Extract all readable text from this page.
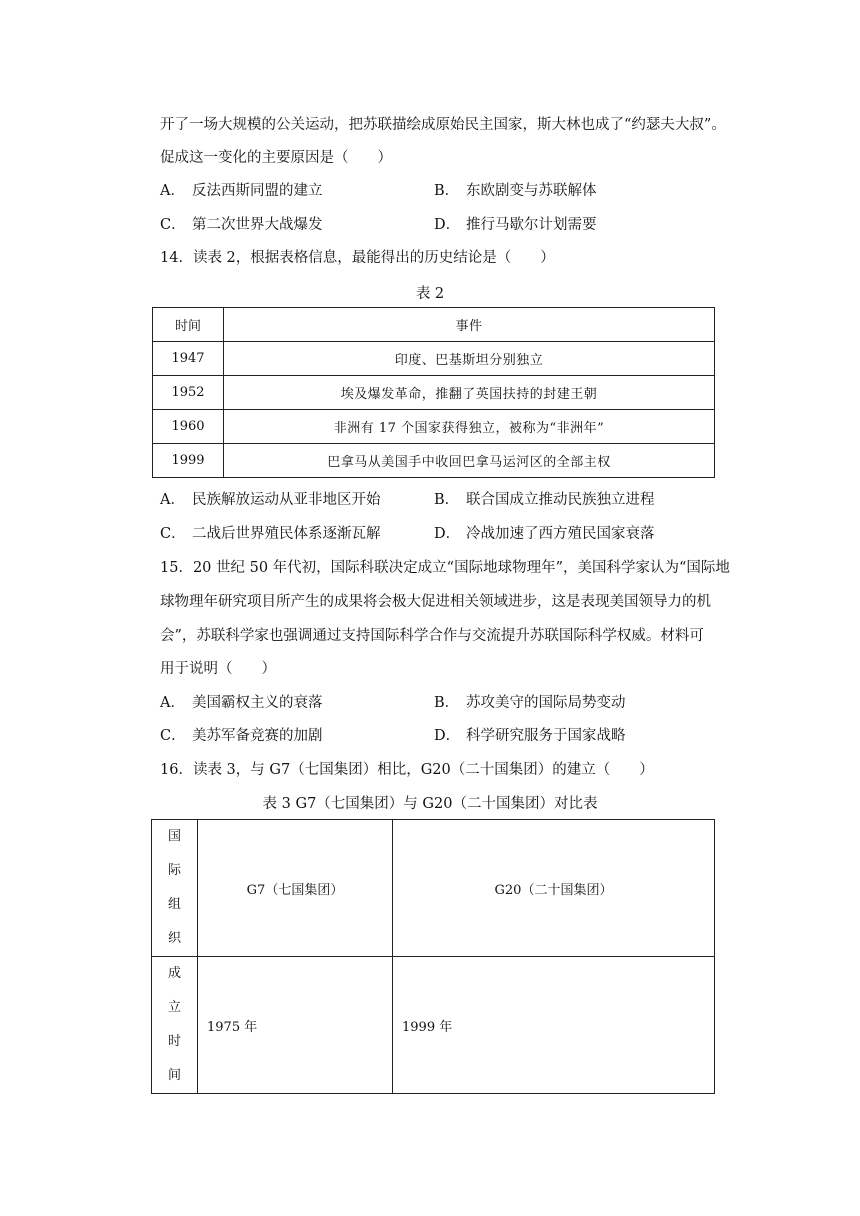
开了一场大规模的公关运动，把苏联描绘成原始民主国家，斯大林也成了“约瑟夫大叔”。
促成这一变化的主要原因是（　　）
A． 反法西斯同盟的建立	B． 东欧剧变与苏联解体
C． 第二次世界大战爆发	D． 推行马歇尔计划需要
14．读表 2，根据表格信息，最能得出的历史结论是（　　）
表 2
时间	事件
1947	印度、巴基斯坦分别独立
1952	埃及爆发革命，推翻了英国扶持的封建王朝
1960	非洲有 17 个国家获得独立，被称为“非洲年”
1999	巴拿马从美国手中收回巴拿马运河区的全部主权
A． 民族解放运动从亚非地区开始	B． 联合国成立推动民族独立进程
C． 二战后世界殖民体系逐渐瓦解	D． 冷战加速了西方殖民国家衰落
15．20 世纪 50 年代初，国际科联决定成立“国际地球物理年”，美国科学家认为“国际地
球物理年研究项目所产生的成果将会极大促进相关领域进步，这是表现美国领导力的机
会”，苏联科学家也强调通过支持国际科学合作与交流提升苏联国际科学权威。材料可
用于说明（　　）
A． 美国霸权主义的衰落	B． 苏攻美守的国际局势变动
C． 美苏军备竞赛的加剧	D． 科学研究服务于国家战略
16．读表 3，与 G7（七国集团）相比，G20（二十国集团）的建立（　　）
表 3 G7（七国集团）与 G20（二十国集团）对比表
国际组织	G7（七国集团）	G20（二十国集团）
成立时间	1975 年	1999 年
